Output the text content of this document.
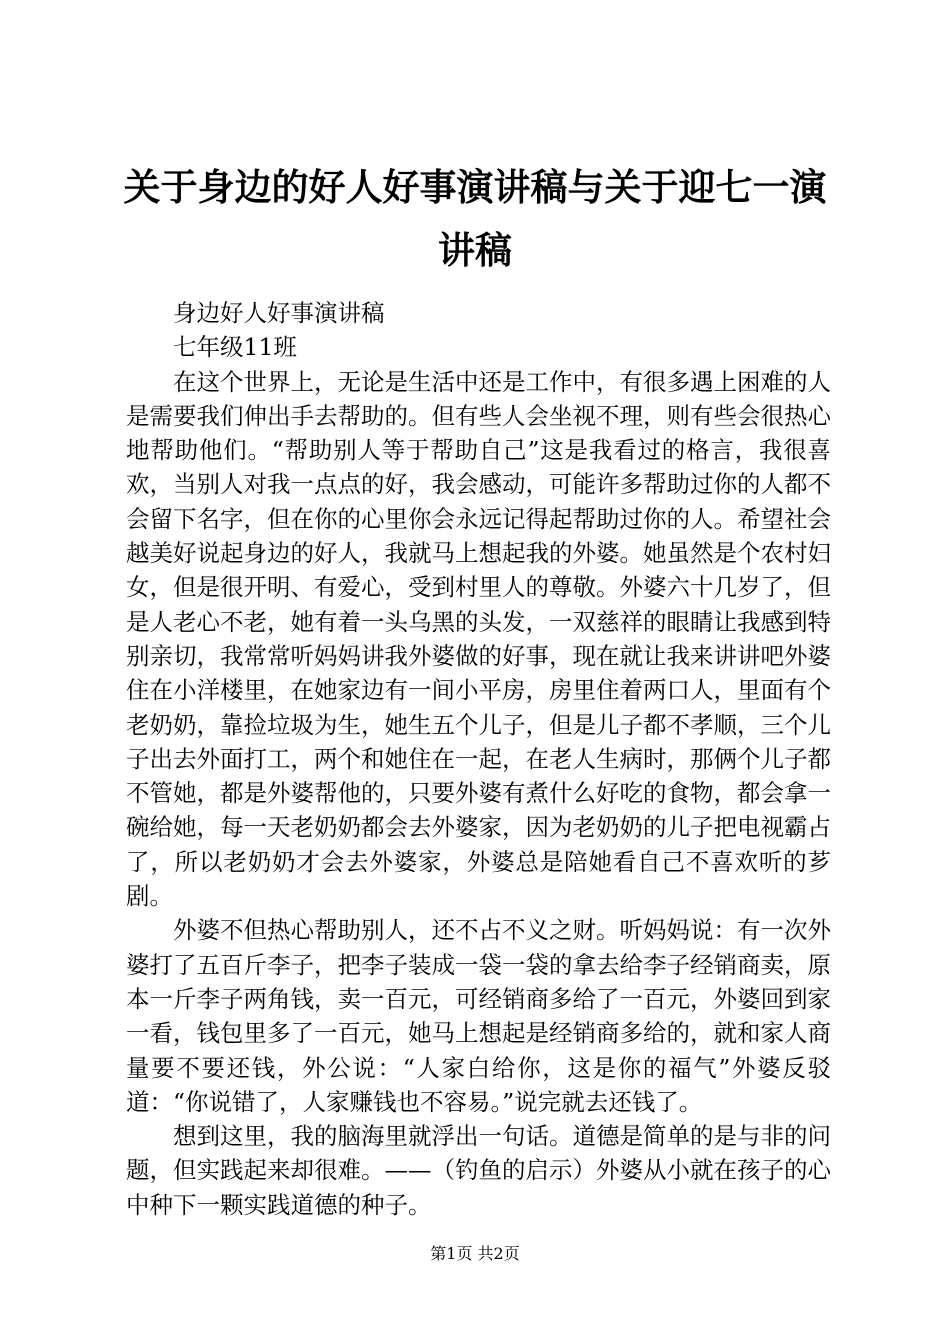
关于身边的好人好事演讲稿与关于迎七一演讲稿

身边好人好事演讲稿

七年级11班

在这个世界上，无论是生活中还是工作中，有很多遇上困难的人是需要我们伸出手去帮助的。但有些人会坐视不理，则有些会很热心地帮助他们。“帮助别人等于帮助自己”这是我看过的格言，我很喜欢，当别人对我一点点的好，我会感动，可能许多帮助过你的人都不会留下名字，但在你的心里你会永远记得起帮助过你的人。希望社会越美好说起身边的好人，我就马上想起我的外婆。她虽然是个农村妇女，但是很开明、有爱心，受到村里人的尊敬。外婆六十几岁了，但是人老心不老，她有着一头乌黑的头发，一双慈祥的眼睛让我感到特别亲切，我常常听妈妈讲我外婆做的好事，现在就让我来讲讲吧外婆住在小洋楼里，在她家边有一间小平房，房里住着两口人，里面有个老奶奶，靠捡垃圾为生，她生五个儿子，但是儿子都不孝顺，三个儿子出去外面打工，两个和她住在一起，在老人生病时，那俩个儿子都不管她，都是外婆帮他的，只要外婆有煮什么好吃的食物，都会拿一碗给她，每一天老奶奶都会去外婆家，因为老奶奶的儿子把电视霸占了，所以老奶奶才会去外婆家，外婆总是陪她看自己不喜欢听的芗剧。

外婆不但热心帮助别人，还不占不义之财。听妈妈说：有一次外婆打了五百斤李子，把李子装成一袋一袋的拿去给李子经销商卖，原本一斤李子两角钱，卖一百元，可经销商多给了一百元，外婆回到家一看，钱包里多了一百元，她马上想起是经销商多给的，就和家人商量要不要还钱，外公说：“人家白给你，这是你的福气”外婆反驳道：“你说错了，人家赚钱也不容易。”说完就去还钱了。

想到这里，我的脑海里就浮出一句话。道德是简单的是与非的问题，但实践起来却很难。——（钓鱼的启示）外婆从小就在孩子的心中种下一颗实践道德的种子。

第1页 共2页
